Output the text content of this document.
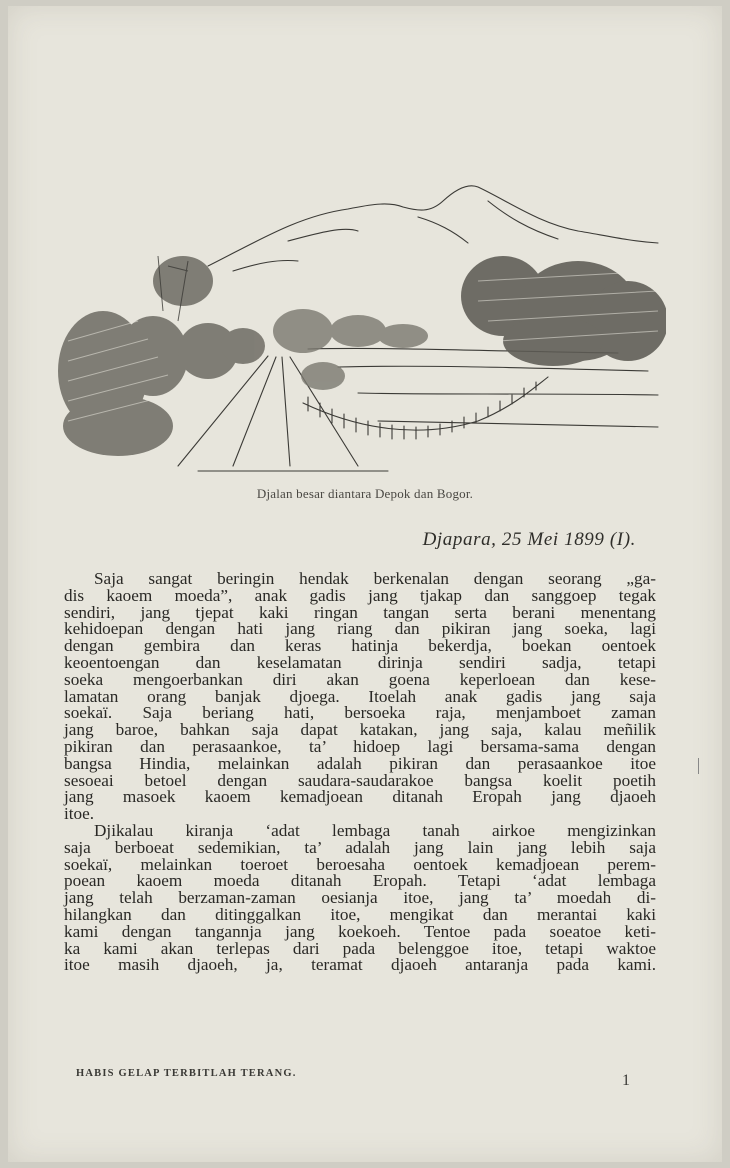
Djalan besar diantara Depok dan Bogor.
Djapara, 25 Mei 1899 (I).
Saja sangat beringin hendak berkenalan dengan seorang „ga-
dis kaoem moeda”, anak gadis jang tjakap dan sanggoep tegak
sendiri, jang tjepat kaki ringan tangan serta berani menentang
kehidoepan dengan hati jang riang dan pikiran jang soeka, lagi
dengan gembira dan keras hatinja bekerdja, boekan oentoek
keoentoengan dan keselamatan dirinja sendiri sadja, tetapi
soeka mengoerbankan diri akan goena keperloean dan kese-
lamatan orang banjak djoega. Itoelah anak gadis jang saja
soekaï. Saja beriang hati, bersoeka raja, menjamboet zaman
jang baroe, bahkan saja dapat katakan, jang saja, kalau meñilik
pikiran dan perasaankoe, ta’ hidoep lagi bersama-sama dengan
bangsa Hindia, melainkan adalah pikiran dan perasaankoe itoe
sesoeai betoel dengan saudara-saudarakoe bangsa koelit poetih
jang masoek kaoem kemadjoean ditanah Eropah jang djaoeh
itoe.
Djikalau kiranja ‘adat lembaga tanah airkoe mengizinkan
saja berboeat sedemikian, ta’ adalah jang lain jang lebih saja
soekaï, melainkan toeroet beroesaha oentoek kemadjoean perem-
poean kaoem moeda ditanah Eropah. Tetapi ‘adat lembaga
jang telah berzaman-zaman oesianja itoe, jang ta’ moedah di-
hilangkan dan ditinggalkan itoe, mengikat dan merantai kaki
kami dengan tangannja jang koekoeh. Tentoe pada soeatoe keti-
ka kami akan terlepas dari pada belenggoe itoe, tetapi waktoe
itoe masih djaoeh, ja, teramat djaoeh antaranja pada kami.
HABIS GELAP TERBITLAH TERANG.	1
